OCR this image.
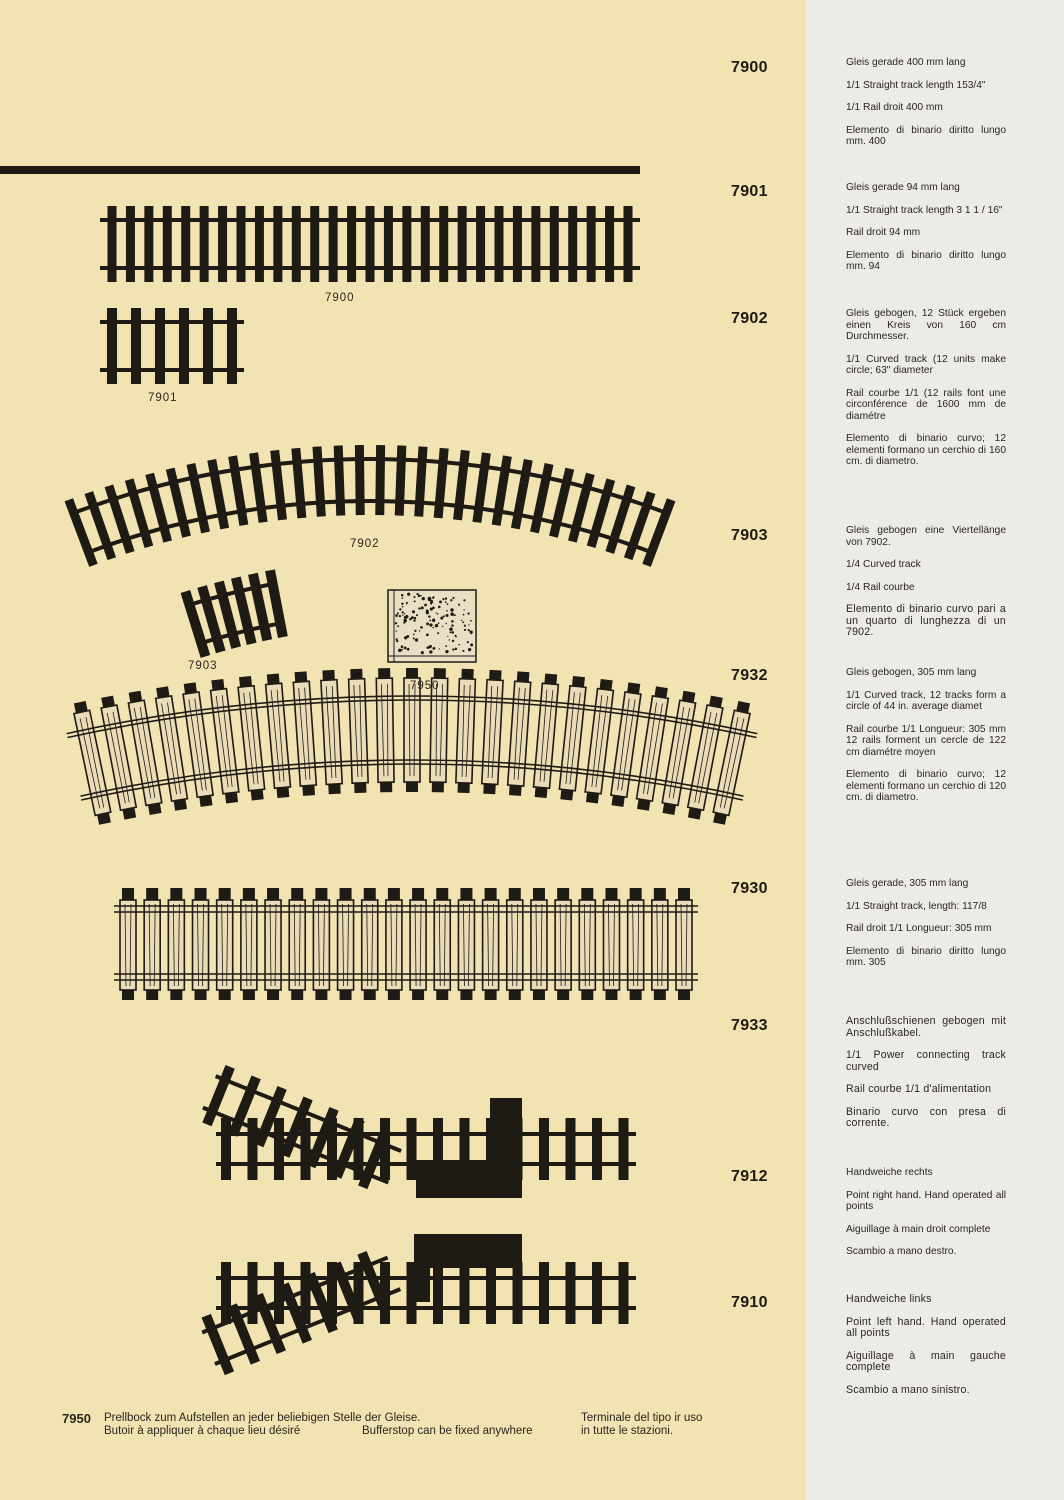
7900
7901
7902
7903
7950
7900
7901
7902
7903
7932
7930
7933
7912
7910

Gleis gerade 400 mm lang

1/1 Straight track length 153/4"

1/1 Rail droit 400 mm

Elemento di binario diritto lungo mm. 400

Gleis gerade 94 mm lang

1/1 Straight track length 3 1 1 / 16"

Rail droit 94 mm

Elemento di binario diritto lungo mm. 94

Gleis gebogen, 12 Stück ergeben einen Kreis von 160 cm Durchmesser.

1/1 Curved track (12 units make circle; 63" diameter

Rail courbe 1/1 (12 rails font une circonférence de 1600 mm de diamétre

Elemento di binario curvo; 12 elementi formano un cerchio di 160 cm. di diametro.

Gleis gebogen eine Viertellänge von 7902.

1/4 Curved track

1/4 Rail courbe

Elemento di binario curvo pari a un quarto di lunghezza di un 7902.

Gleis gebogen, 305 mm lang

1/1 Curved track, 12 tracks form a circle of 44 in. average diamet

Rail courbe 1/1 Longueur: 305 mm 12 rails forment un cercle de 122 cm diamétre moyen

Elemento di binario curvo; 12 elementi formano un cerchio di 120 cm. di diametro.

Gleis gerade, 305 mm lang

1/1 Straight track, length: 117/8

Rail droit 1/1 Longueur: 305 mm

Elemento di binario diritto lungo mm. 305

Anschlußschienen gebogen mit Anschlußkabel.

1/1 Power connecting track curved

Rail courbe 1/1 d'alimentation

Binario curvo con presa di corrente.

Handweiche rechts

Point right hand. Hand operated all points

Aiguillage à main droit complete

Scambio a mano destro.

Handweiche links

Point left hand. Hand operated all points

Aiguillage à main gauche complete

Scambio a mano sinistro.

7950 Prellbock zum Aufstellen an jeder beliebigen Stelle der Gleise.
Butoir à appliquer à chaque lieu désiré	Bufferstop can be fixed anywhere
Terminale del tipo ir uso
in tutte le stazioni.
